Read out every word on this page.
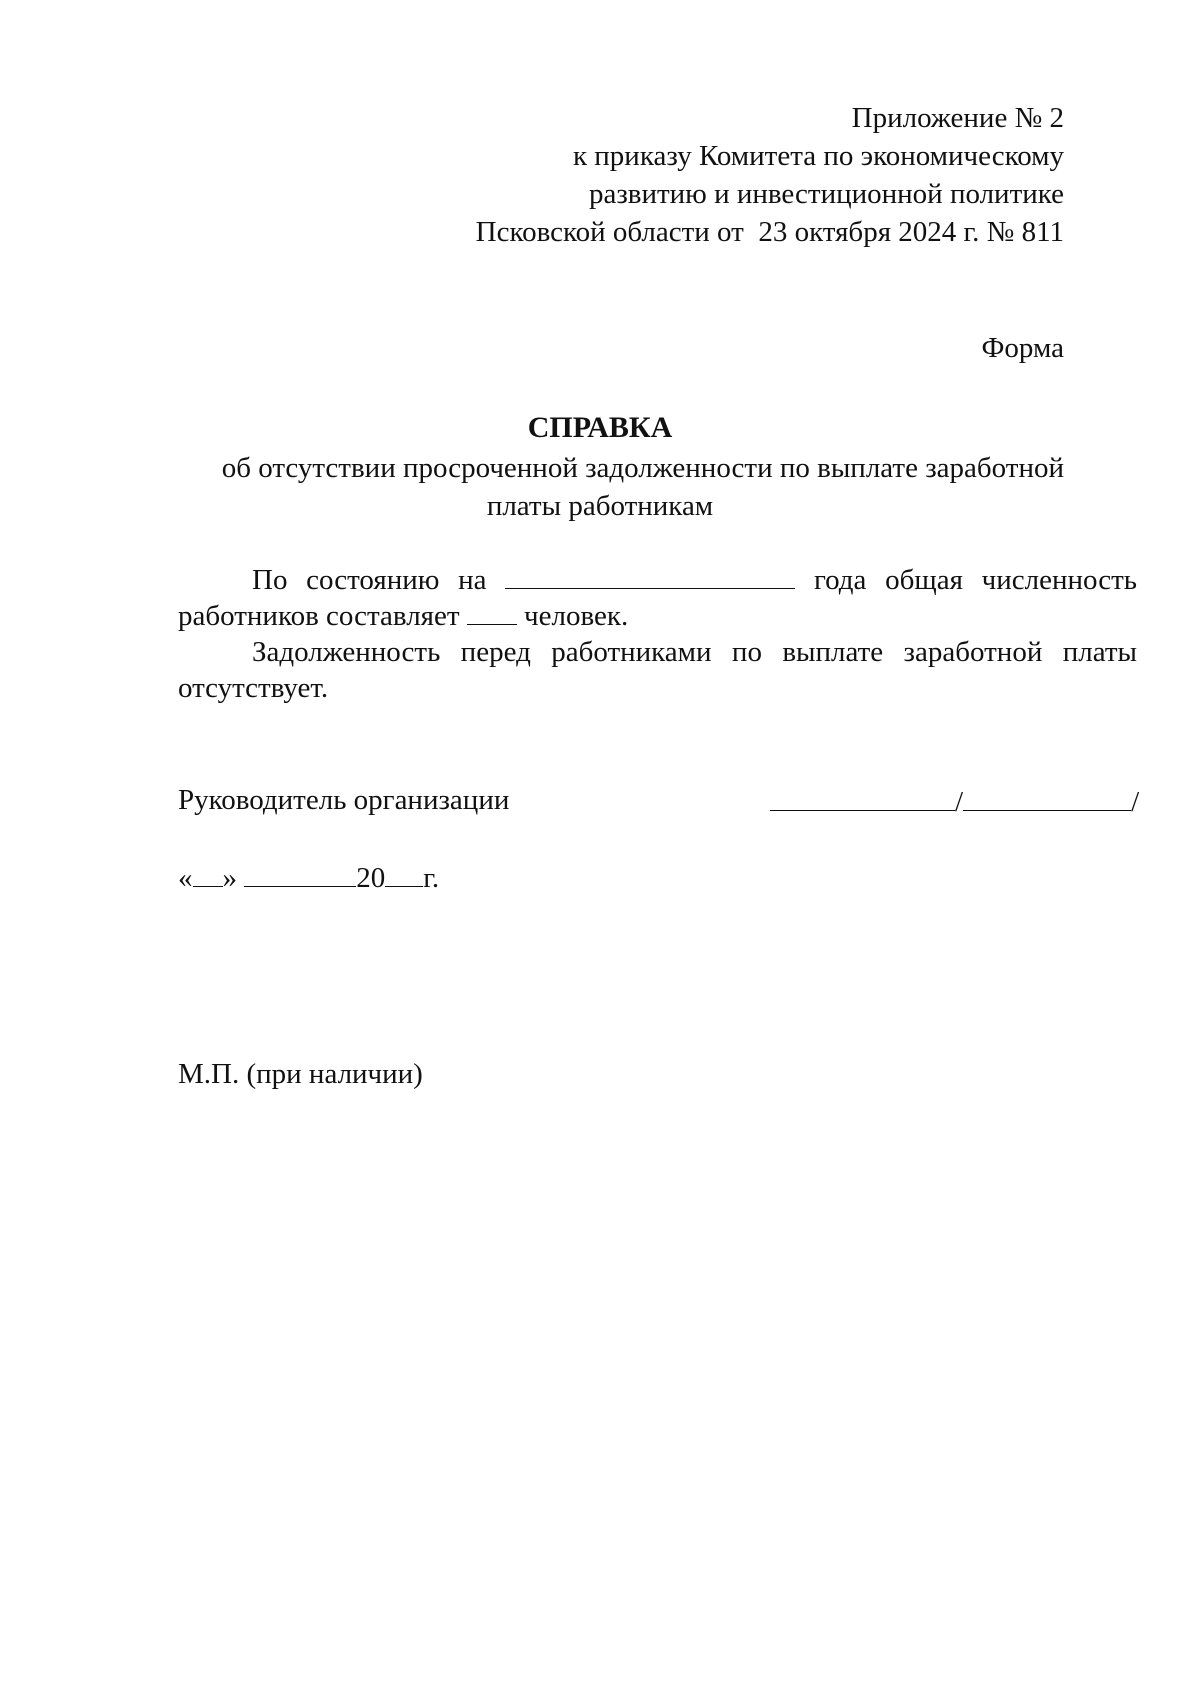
Приложение № 2
к приказу Комитета по экономическому
развитию и инвестиционной политике
Псковской области от  23 октября 2024 г. № 811
Форма
СПРАВКА
об отсутствии просроченной задолженности по выплате заработной
платы работникам
По состоянию на	года общая численность
работников составляет человек.
Задолженность перед работниками по выплате заработной платы
отсутствует.
Руководитель организации	/	/
« »	20 г.
М.П. (при наличии)
